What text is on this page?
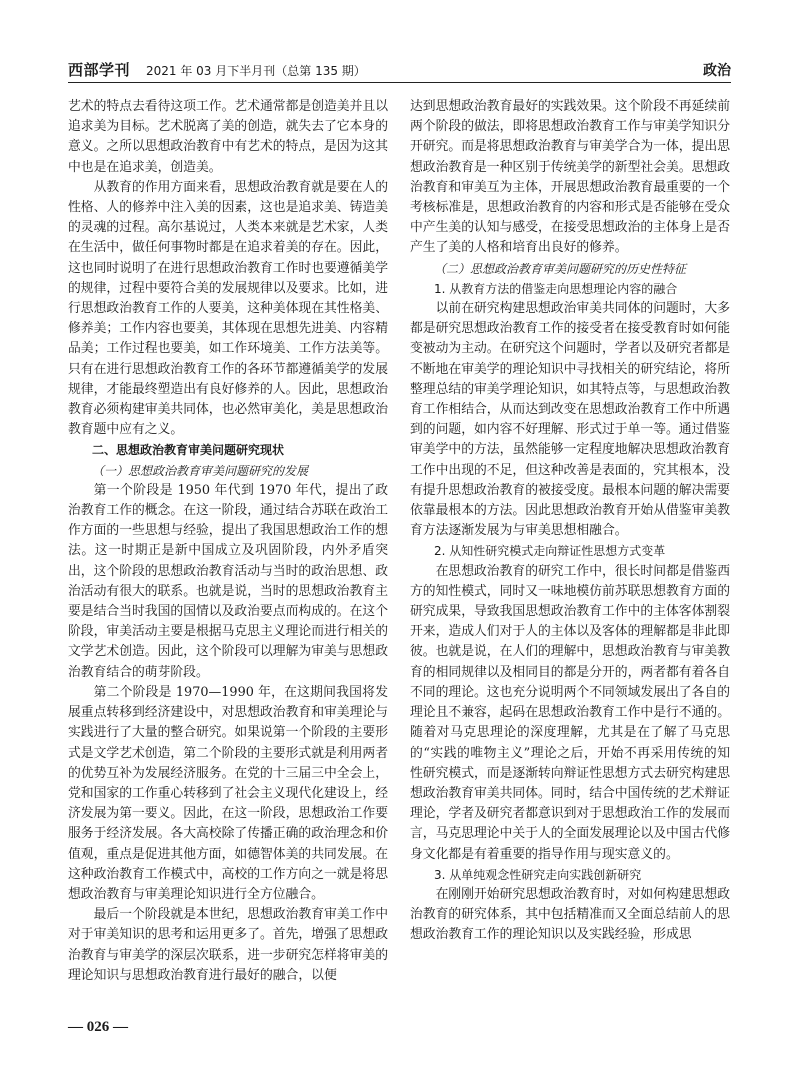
西部学刊 2021 年 03 月下半月刊（总第 135 期）	政治

艺术的特点去看待这项工作。艺术通常都是创造美并且以追求美为目标。艺术脱离了美的创造，就失去了它本身的意义。之所以思想政治教育中有艺术的特点，是因为这其中也是在追求美，创造美。

从教育的作用方面来看，思想政治教育就是要在人的性格、人的修养中注入美的因素，这也是追求美、铸造美的灵魂的过程。高尔基说过，人类本来就是艺术家，人类在生活中，做任何事物时都是在追求着美的存在。因此，这也同时说明了在进行思想政治教育工作时也要遵循美学的规律，过程中要符合美的发展规律以及要求。比如，进行思想政治教育工作的人要美，这种美体现在其性格美、修养美；工作内容也要美，其体现在思想先进美、内容精品美；工作过程也要美，如工作环境美、工作方法美等。只有在进行思想政治教育工作的各环节都遵循美学的发展规律，才能最终塑造出有良好修养的人。因此，思想政治教育必须构建审美共同体，也必然审美化，美是思想政治教育题中应有之义。

二、思想政治教育审美问题研究现状

（一）思想政治教育审美问题研究的发展

第一个阶段是 1950 年代到 1970 年代，提出了政治教育工作的概念。在这一阶段，通过结合苏联在政治工作方面的一些思想与经验，提出了我国思想政治工作的想法。这一时期正是新中国成立及巩固阶段，内外矛盾突出，这个阶段的思想政治教育活动与当时的政治思想、政治活动有很大的联系。也就是说，当时的思想政治教育主要是结合当时我国的国情以及政治要点而构成的。在这个阶段，审美活动主要是根据马克思主义理论而进行相关的文学艺术创造。因此，这个阶段可以理解为审美与思想政治教育结合的萌芽阶段。

第二个阶段是 1970—1990 年，在这期间我国将发展重点转移到经济建设中，对思想政治教育和审美理论与实践进行了大量的整合研究。如果说第一个阶段的主要形式是文学艺术创造，第二个阶段的主要形式就是利用两者的优势互补为发展经济服务。在党的十三届三中全会上，党和国家的工作重心转移到了社会主义现代化建设上，经济发展为第一要义。因此，在这一阶段，思想政治工作要服务于经济发展。各大高校除了传播正确的政治理念和价值观，重点是促进其他方面，如德智体美的共同发展。在这种政治教育工作模式中，高校的工作方向之一就是将思想政治教育与审美理论知识进行全方位融合。

最后一个阶段就是本世纪，思想政治教育审美工作中对于审美知识的思考和运用更多了。首先，增强了思想政治教育与审美学的深层次联系，进一步研究怎样将审美的理论知识与思想政治教育进行最好的融合，以便

达到思想政治教育最好的实践效果。这个阶段不再延续前两个阶段的做法，即将思想政治教育工作与审美学知识分开研究。而是将思想政治教育与审美学合为一体，提出思想政治教育是一种区别于传统美学的新型社会美。思想政治教育和审美互为主体，开展思想政治教育最重要的一个考核标准是，思想政治教育的内容和形式是否能够在受众中产生美的认知与感受，在接受思想政治的主体身上是否产生了美的人格和培育出良好的修养。

（二）思想政治教育审美问题研究的历史性特征

1. 从教育方法的借鉴走向思想理论内容的融合

以前在研究构建思想政治审美共同体的问题时，大多都是研究思想政治教育工作的接受者在接受教育时如何能变被动为主动。在研究这个问题时，学者以及研究者都是不断地在审美学的理论知识中寻找相关的研究结论，将所整理总结的审美学理论知识，如其特点等，与思想政治教育工作相结合，从而达到改变在思想政治教育工作中所遇到的问题，如内容不好理解、形式过于单一等。通过借鉴审美学中的方法，虽然能够一定程度地解决思想政治教育工作中出现的不足，但这种改善是表面的，究其根本，没有提升思想政治教育的被接受度。最根本问题的解决需要依靠最根本的方法。因此思想政治教育开始从借鉴审美教育方法逐渐发展为与审美思想相融合。

2. 从知性研究模式走向辩证性思想方式变革

在思想政治教育的研究工作中，很长时间都是借鉴西方的知性模式，同时又一味地模仿前苏联思想教育方面的研究成果，导致我国思想政治教育工作中的主体客体割裂开来，造成人们对于人的主体以及客体的理解都是非此即彼。也就是说，在人们的理解中，思想政治教育与审美教育的相同规律以及相同目的都是分开的，两者都有着各自不同的理论。这也充分说明两个不同领域发展出了各自的理论且不兼容，起码在思想政治教育工作中是行不通的。随着对马克思理论的深度理解，尤其是在了解了马克思的“实践的唯物主义”理论之后，开始不再采用传统的知性研究模式，而是逐渐转向辩证性思想方式去研究构建思想政治教育审美共同体。同时，结合中国传统的艺术辩证理论，学者及研究者都意识到对于思想政治工作的发展而言，马克思理论中关于人的全面发展理论以及中国古代修身文化都是有着重要的指导作用与现实意义的。

3. 从单纯观念性研究走向实践创新研究

在刚刚开始研究思想政治教育时，对如何构建思想政治教育的研究体系，其中包括精准而又全面总结前人的思想政治教育工作的理论知识以及实践经验，形成思

— 026 —
